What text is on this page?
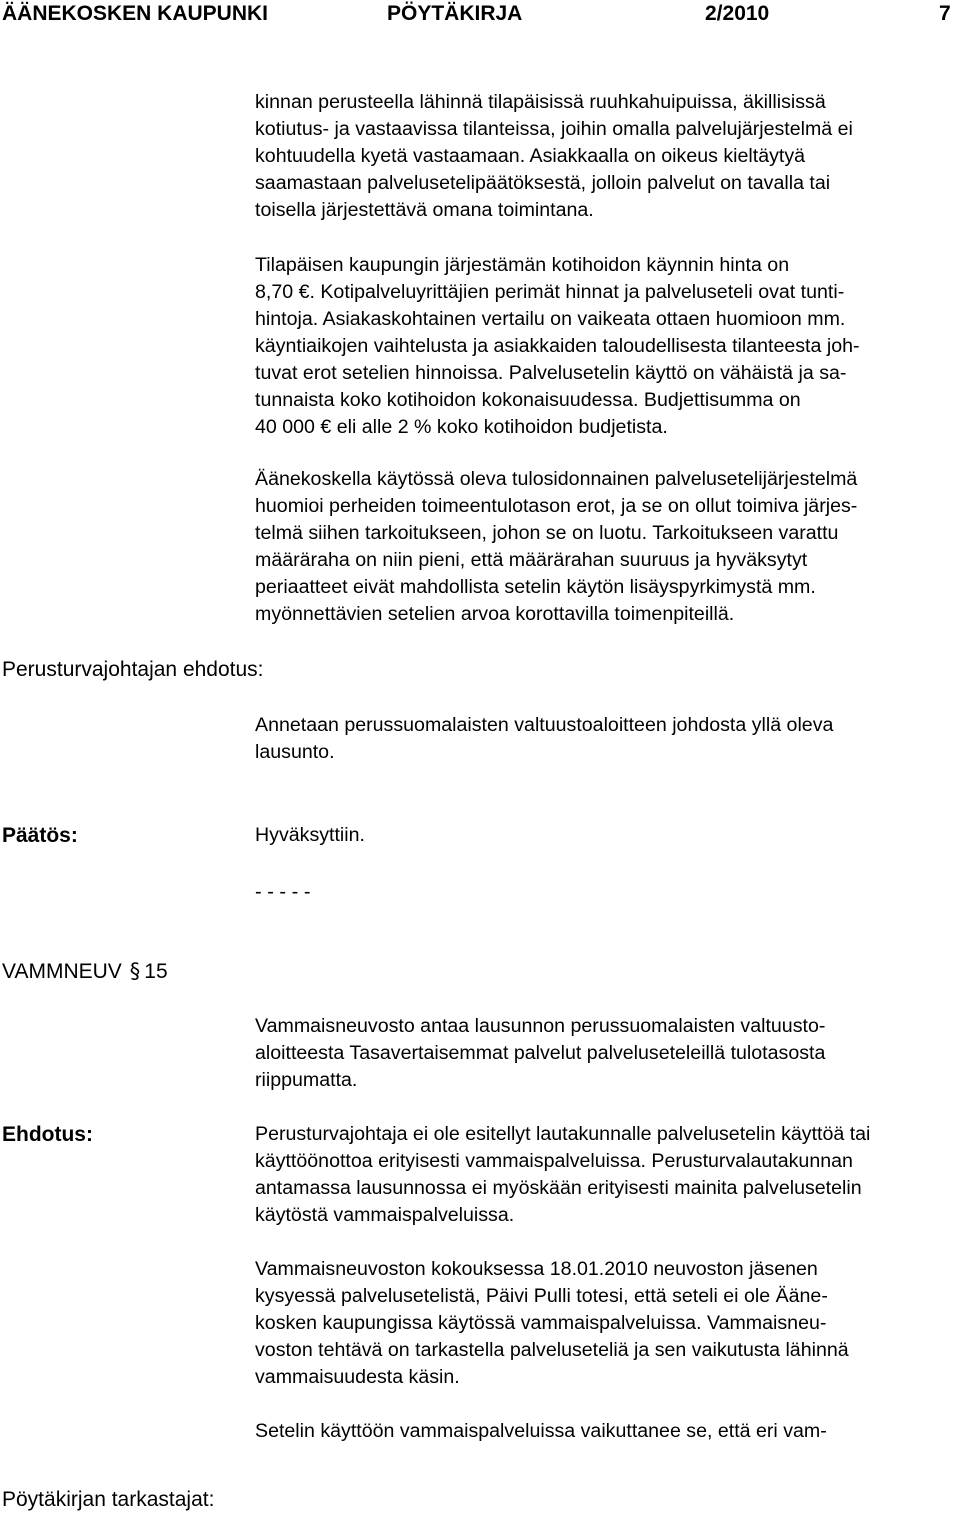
ÄÄNEKOSKEN KAUPUNKI	PÖYTÄKIRJA	2/2010	7
kinnan perusteella lähinnä tilapäisissä ruuhkahuipuissa, äkillisissä
kotiutus- ja vastaavissa tilanteissa, joihin omalla palvelujärjestelmä ei
kohtuudella kyetä vastaamaan. Asiakkaalla on oikeus kieltäytyä
saamastaan palvelusetelipäätöksestä, jolloin palvelut on tavalla tai
toisella järjestettävä omana toimintana.
Tilapäisen kaupungin järjestämän kotihoidon käynnin hinta on
8,70 €. Kotipalveluyrittäjien perimät hinnat ja palveluseteli ovat tunti-
hintoja. Asiakaskohtainen vertailu on vaikeata ottaen huomioon mm.
käyntiaikojen vaihtelusta ja asiakkaiden taloudellisesta tilanteesta joh-
tuvat erot setelien hinnoissa. Palvelusetelin käyttö on vähäistä ja sa-
tunnaista koko kotihoidon kokonaisuudessa. Budjettisumma on
40 000 € eli alle 2 % koko kotihoidon budjetista.
Äänekoskella käytössä oleva tulosidonnainen palvelusetelijärjestelmä
huomioi perheiden toimeentulotason erot, ja se on ollut toimiva järjes-
telmä siihen tarkoitukseen, johon se on luotu. Tarkoitukseen varattu
määräraha on niin pieni, että määrärahan suuruus ja hyväksytyt
periaatteet eivät mahdollista setelin käytön lisäyspyrkimystä mm.
myönnettävien setelien arvoa korottavilla toimenpiteillä.
Perusturvajohtajan ehdotus:
Annetaan perussuomalaisten valtuustoaloitteen johdosta yllä oleva
lausunto.
Päätös:	Hyväksyttiin.
- - - - -
VAMMNEUV § 15
Vammaisneuvosto antaa lausunnon perussuomalaisten valtuusto-
aloitteesta Tasavertaisemmat palvelut palveluseteleillä tulotasosta
riippumatta.
Ehdotus:	Perusturvajohtaja ei ole esitellyt lautakunnalle palvelusetelin käyttöä tai
käyttöönottoa erityisesti vammaispalveluissa. Perusturvalautakunnan
antamassa lausunnossa ei myöskään erityisesti mainita palvelusetelin
käytöstä vammaispalveluissa.
Vammaisneuvoston kokouksessa 18.01.2010 neuvoston jäsenen
kysyessä palvelusetelistä, Päivi Pulli totesi, että seteli ei ole Ääne-
kosken kaupungissa käytössä vammaispalveluissa. Vammaisneu-
voston tehtävä on tarkastella palveluseteliä ja sen vaikutusta lähinnä
vammaisuudesta käsin.
Setelin käyttöön vammaispalveluissa vaikuttanee se, että eri vam-
Pöytäkirjan tarkastajat:
